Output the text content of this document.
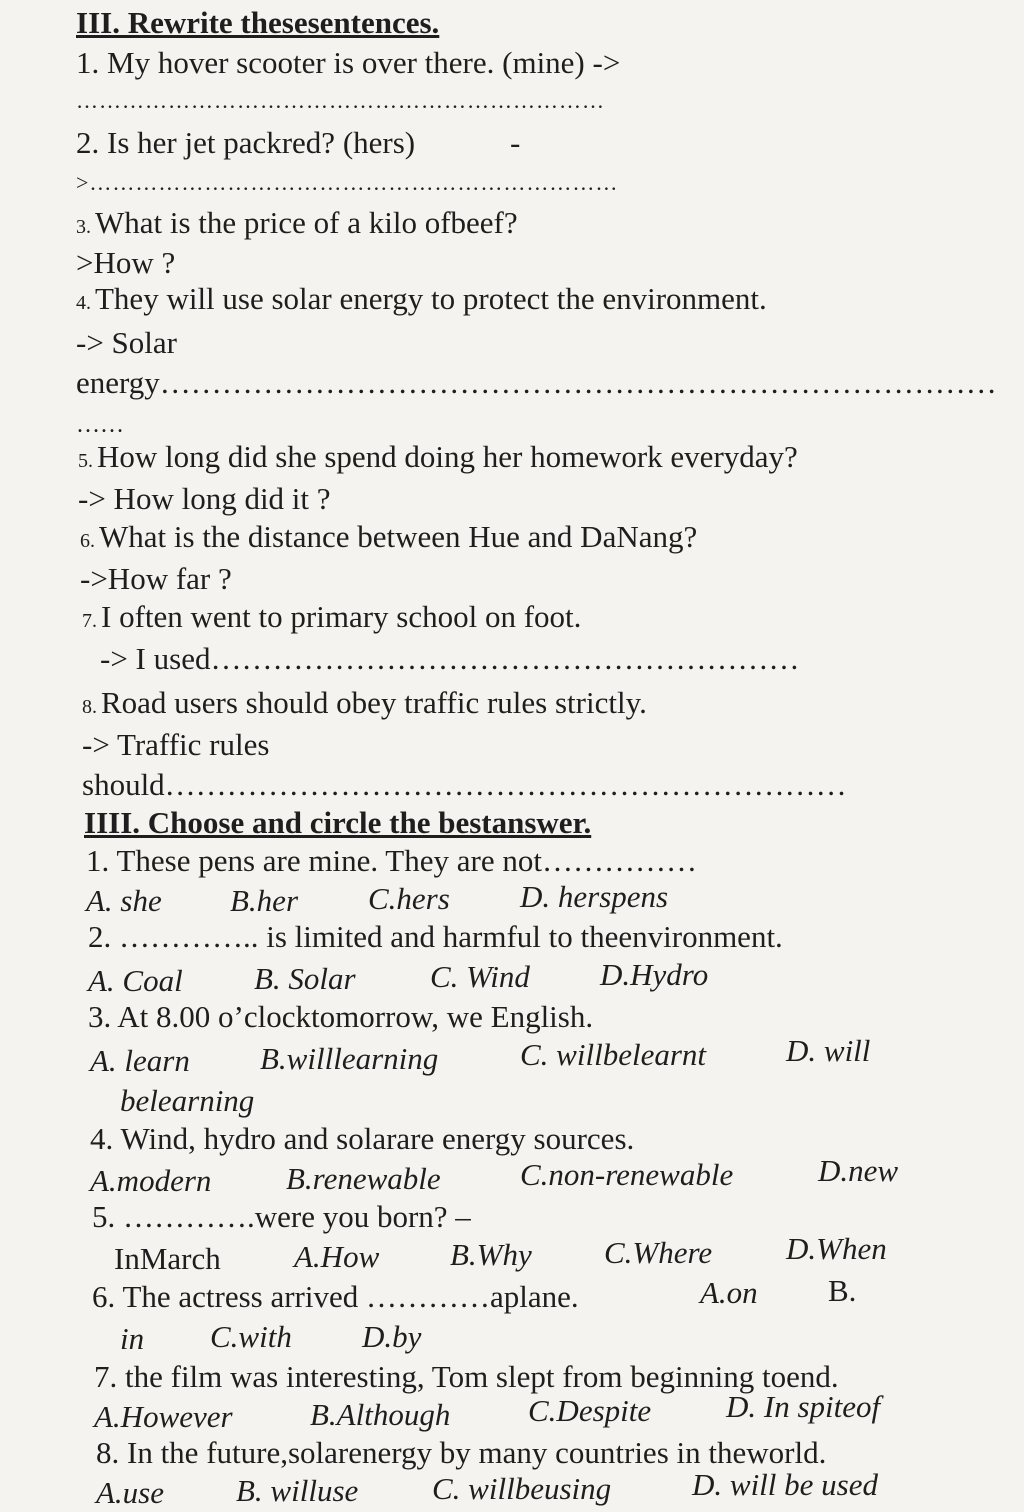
III. Rewrite thesesentences.
1. My hover scooter is over there. (mine) ->
……………………………………………………………
2. Is her jet packred? (hers)	-
>……………………………………………………………
3. What is the price of a kilo ofbeef?
>How ?
4. They will use solar energy to protect the environment.
-> Solar
energy………………………………………………………………………
……
5. How long did she spend doing her homework everyday?
-> How long did it ?
6. What is the distance between Hue and DaNang?
->How far ?
7. I often went to primary school on foot.
-> I used…………………………………………………
8. Road users should obey traffic rules strictly.
-> Traffic rules
should…………………………………………………………
IIII. Choose and circle the bestanswer.
1. These pens are mine. They are not……………
A. she B.her C.hers D. herspens
2. ………….. is limited and harmful to theenvironment.
A. Coal B. Solar C. Wind D.Hydro
3. At 8.00 o’clocktomorrow, we English.
A. learn B.willlearning	C. willbelearnt	D. will
belearning
4. Wind, hydro and solarare energy sources.
A.modern B.renewable	C.non-renewable	D.new
5. ………….were you born? –
InMarch A.How B.Why C.Where D.When
6. The actress arrived …………aplane.	A.on B.
in C.with D.by
7. the film was interesting, Tom slept from beginning toend.
A.However B.Although	C.Despite D. In spiteof
8. In the future,solarenergy by many countries in theworld.
A.use B. willuse C. willbeusing	D. will be used
